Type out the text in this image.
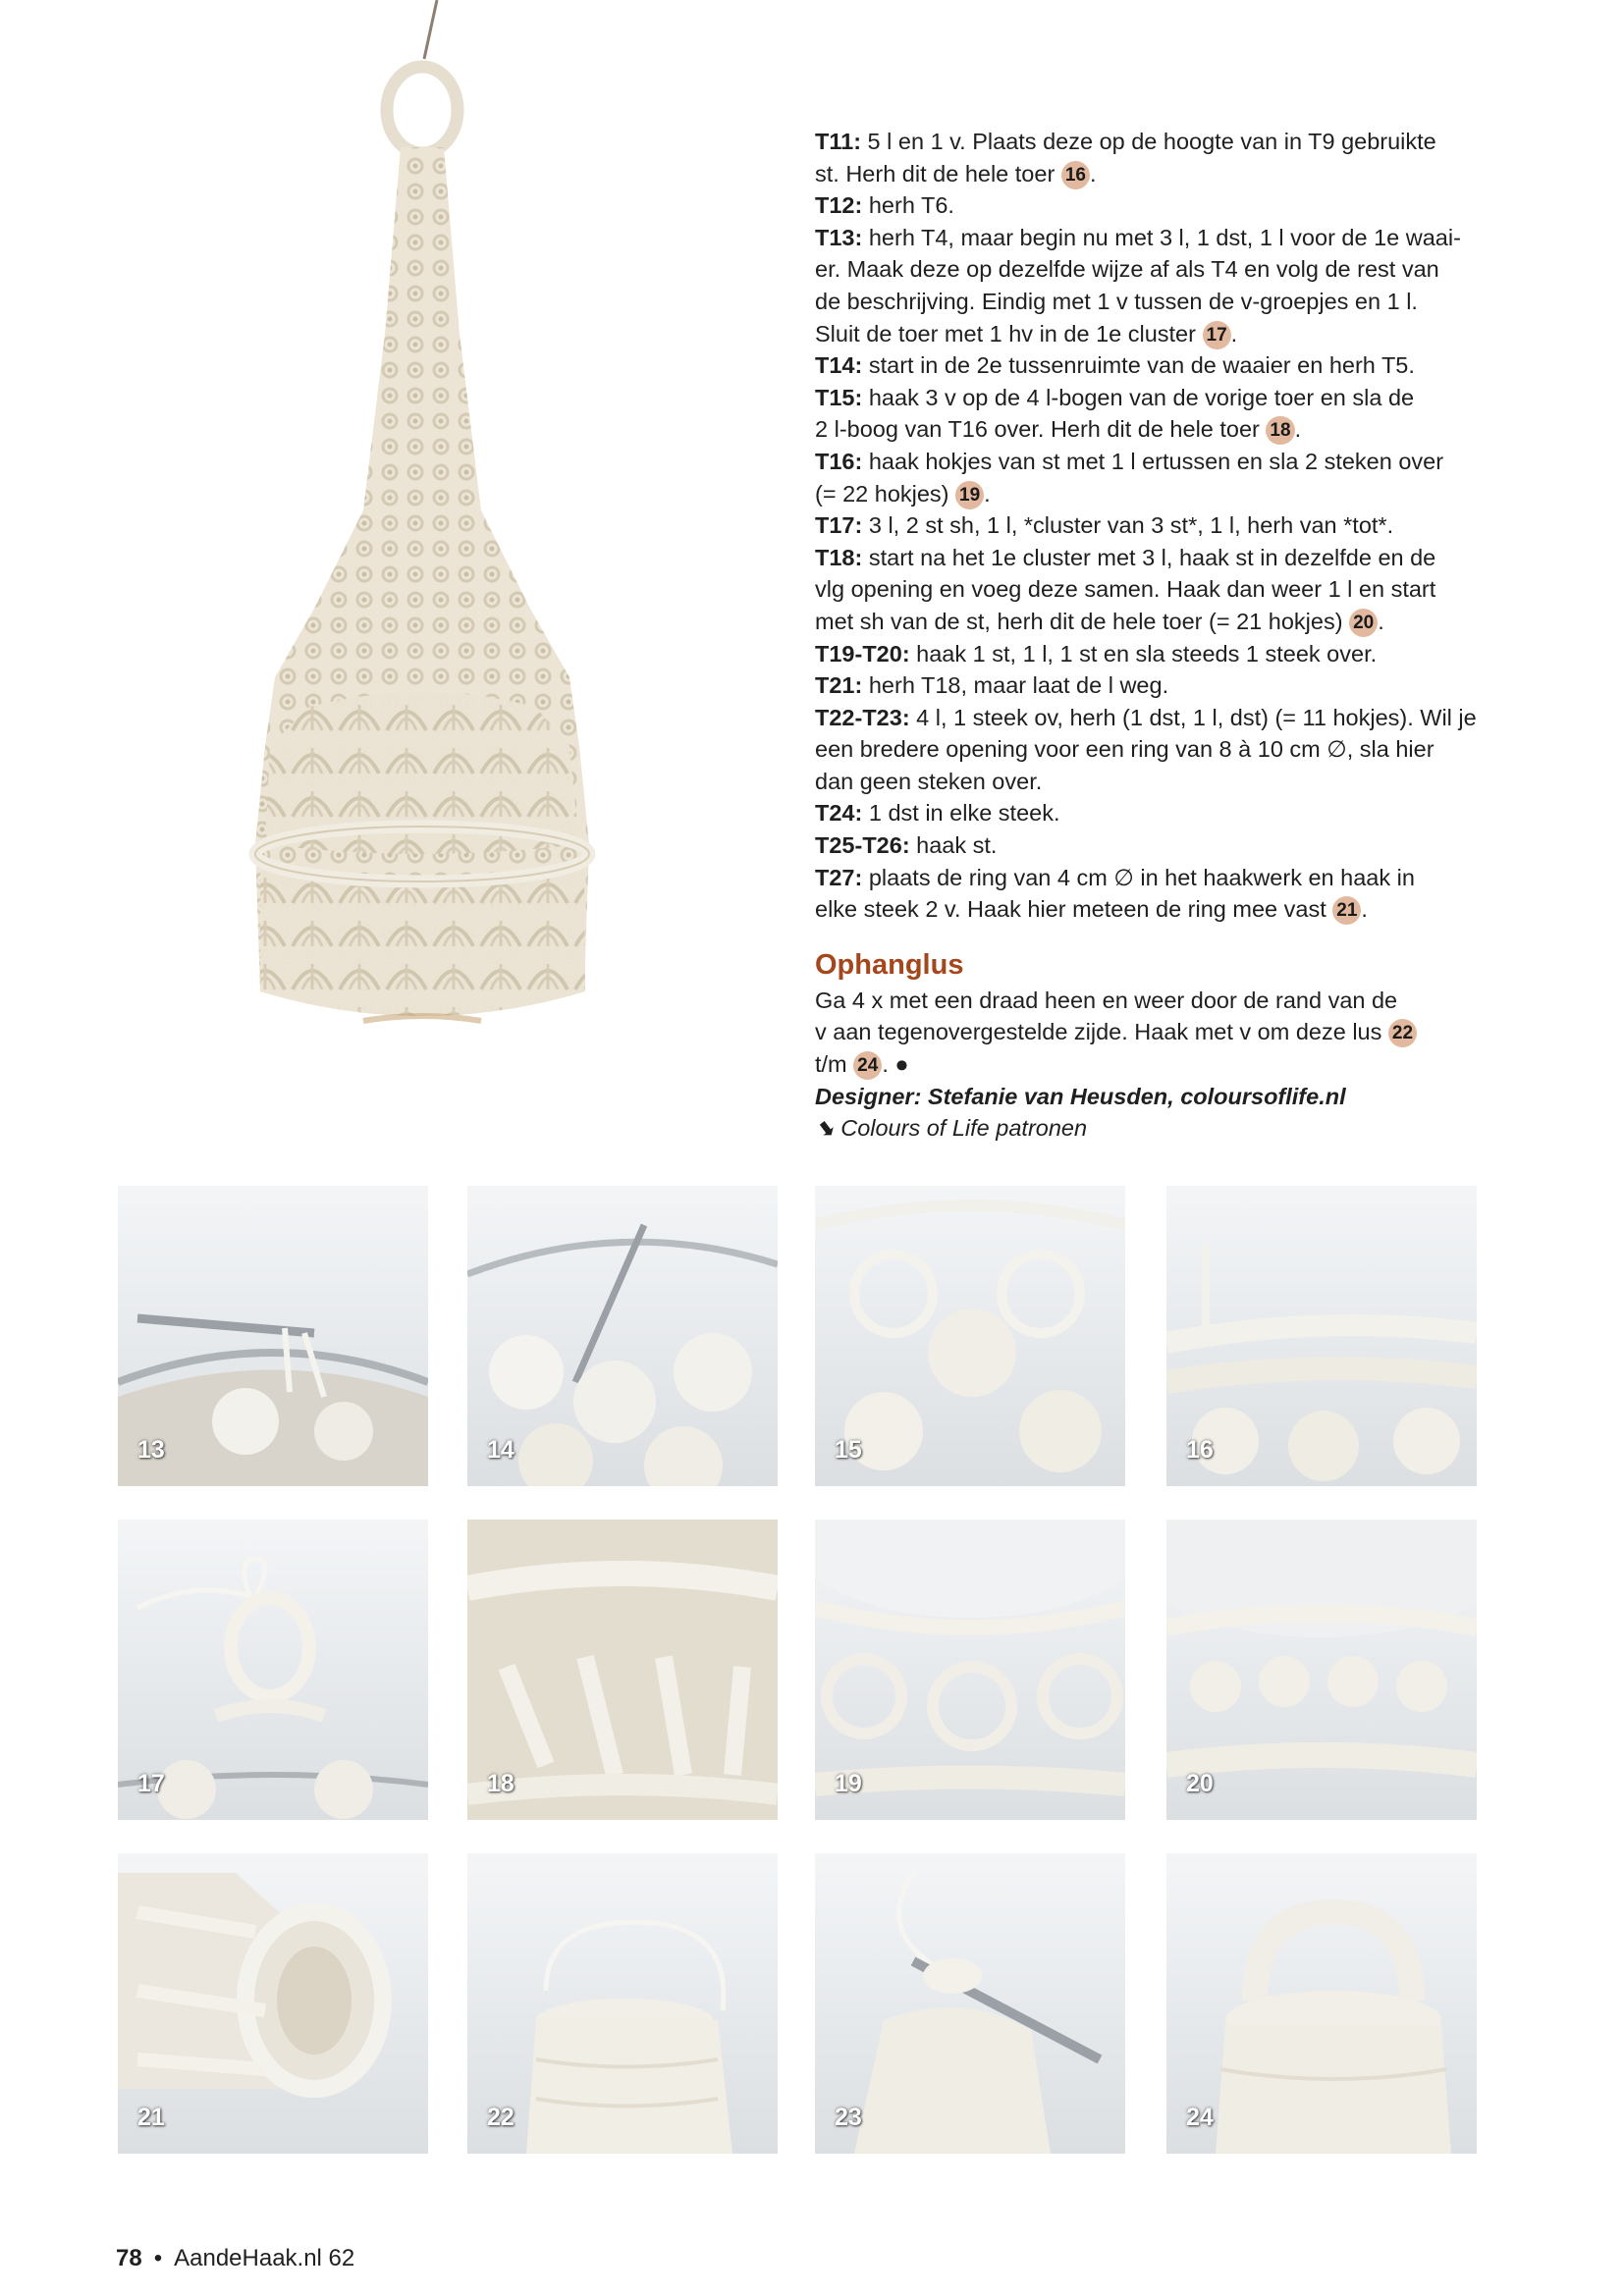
T11: 5 l en 1 v. Plaats deze op de hoogte van in T9 gebruikte
st. Herh dit de hele toer 16 .
T12: herh T6.
T13: herh T4, maar begin nu met 3 l, 1 dst, 1 l voor de 1e waai-
er. Maak deze op dezelfde wijze af als T4 en volg de rest van
de beschrijving. Eindig met 1 v tussen de v-groepjes en 1 l.
Sluit de toer met 1 hv in de 1e cluster 17 .
T14: start in de 2e tussenruimte van de waaier en herh T5.
T15: haak 3 v op de 4 l-bogen van de vorige toer en sla de
2 l-boog van T16 over. Herh dit de hele toer 18 .
T16: haak hokjes van st met 1 l ertussen en sla 2 steken over
(= 22 hokjes) 19 .
T17: 3 l, 2 st sh, 1 l, *cluster van 3 st*, 1 l, herh van *tot*.
T18: start na het 1e cluster met 3 l, haak st in dezelfde en de
vlg opening en voeg deze samen. Haak dan weer 1 l en start
met sh van de st, herh dit de hele toer (= 21 hokjes) 20 .
T19-T20: haak 1 st, 1 l, 1 st en sla steeds 1 steek over.
T21: herh T18, maar laat de l weg.
T22-T23: 4 l, 1 steek ov, herh (1 dst, 1 l, dst) (= 11 hokjes). Wil je
een bredere opening voor een ring van 8 à 10 cm ∅, sla hier
dan geen steken over.
T24: 1 dst in elke steek.
T25-T26: haak st.
T27: plaats de ring van 4 cm ∅ in het haakwerk en haak in
elke steek 2 v. Haak hier meteen de ring mee vast 21 .
Ophanglus
Ga 4 x met een draad heen en weer door de rand van de
v aan tegenovergestelde zijde. Haak met v om deze lus 22
t/m 24 . ●
Designer: Stefanie van Heusden, coloursoflife.nl
⬊ Colours of Life patronen
13	14	15	16
17	18	19	20
21	22	23	24
78 • AandeHaak.nl 62
